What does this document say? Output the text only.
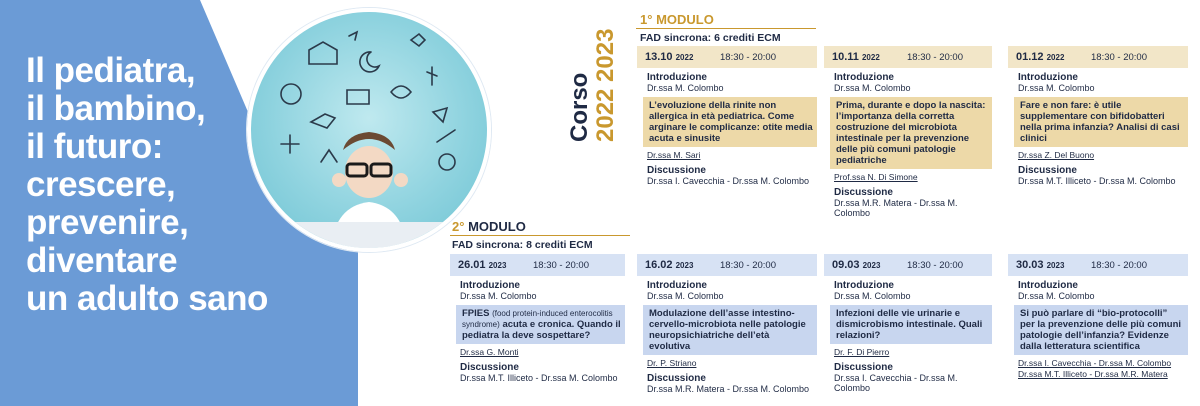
Il pediatra,
il bambino,
il futuro:
crescere,
prevenire,
diventare
un adulto sano
Corso 2022 2023
1° MODULO
FAD sincrona: 6 crediti ECM
13.10 2022	18:30 - 20:00
Introduzione
Dr.ssa M. Colombo
L’evoluzione della rinite non allergica in età pediatrica. Come arginare le complicanze: otite media acuta e sinusite
Dr.ssa M. Sari
Discussione
Dr.ssa I. Cavecchia - Dr.ssa M. Colombo
10.11 2022	18:30 - 20:00
Introduzione
Dr.ssa M. Colombo
Prima, durante e dopo la nascita: l’importanza della corretta costruzione del microbiota intestinale per la prevenzione delle più comuni patologie pediatriche
Prof.ssa N. Di Simone
Discussione
Dr.ssa M.R. Matera - Dr.ssa M. Colombo
01.12 2022	18:30 - 20:00
Introduzione
Dr.ssa M. Colombo
Fare e non fare: è utile supplementare con bifidobatteri nella prima infanzia? Analisi di casi clinici
Dr.ssa Z. Del Buono
Discussione
Dr.ssa M.T. Illiceto - Dr.ssa M. Colombo
2° MODULO
FAD sincrona: 8 crediti ECM
26.01 2023	18:30 - 20:00
Introduzione
Dr.ssa M. Colombo
FPIES (food protein-induced enterocolitis syndrome) acuta e cronica. Quando il pediatra la deve sospettare?
Dr.ssa G. Monti
Discussione
Dr.ssa M.T. Illiceto - Dr.ssa M. Colombo
16.02 2023	18:30 - 20:00
Introduzione
Dr.ssa M. Colombo
Modulazione dell’asse intestino-cervello-microbiota nelle patologie neuropsichiatriche dell’età evolutiva
Dr. P. Striano
Discussione
Dr.ssa M.R. Matera - Dr.ssa M. Colombo
09.03 2023	18:30 - 20:00
Introduzione
Dr.ssa M. Colombo
Infezioni delle vie urinarie e dismicrobismo intestinale. Quali relazioni?
Dr. F. Di Pierro
Discussione
Dr.ssa I. Cavecchia - Dr.ssa M. Colombo
30.03 2023	18:30 - 20:00
Introduzione
Dr.ssa M. Colombo
Si può parlare di “bio-protocolli” per la prevenzione delle più comuni patologie dell’infanzia? Evidenze dalla letteratura scientifica
Dr.ssa I. Cavecchia - Dr.ssa M. Colombo
Dr.ssa M.T. Illiceto - Dr.ssa M.R. Matera
